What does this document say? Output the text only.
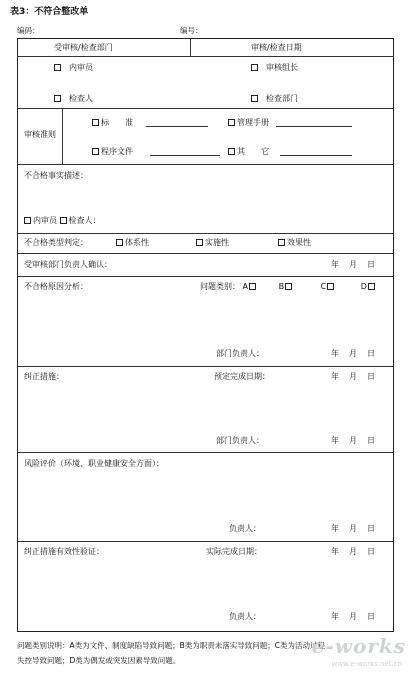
表3：不符合整改单
编码：	编号：
受审核/检查部门	审核/检查日期
内审员	审核组长
检查人	检查部门
审核准则
标　　准	管理手册
程序文件	其　　它
不合格事实描述：
内审员 检查人：
不合格类型判定：	体系性	实施性	效果性
受审核部门负责人确认：	年 月 日
不合格原因分析：	问题类别： A	B	C	D
部门负责人：	年 月 日
纠正措施：	预定完成日期：	年 月 日
部门负责人：	年 月 日
风险评价（环境、职业健康安全方面）：
负责人：	年 月 日
纠正措施有效性验证：	实际完成日期：	年 月 日
负责人：	年 月 日
问题类别说明：A类为文件、制度缺陷导致问题；B类为职责未落实导致问题；C类为活动过程
失控导致问题；D类为偶发或突发因素导致问题。
e-works
www.e-works.net.cn
